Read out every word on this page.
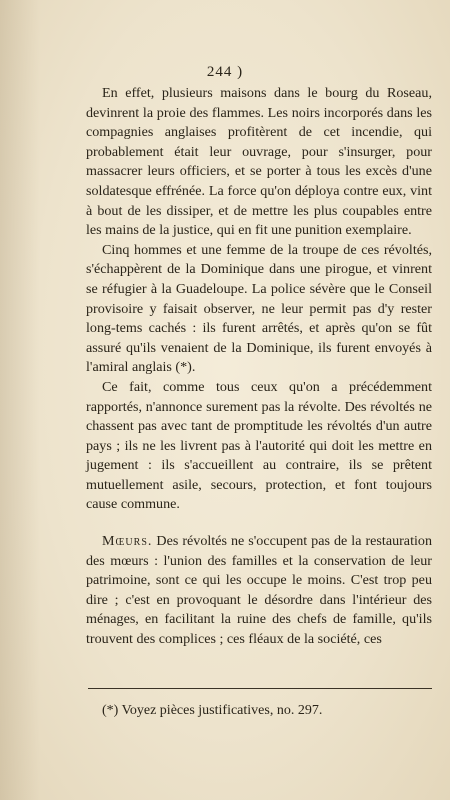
244 )

En effet, plusieurs maisons dans le bourg du Roseau, devinrent la proie des flammes. Les noirs incorporés dans les compagnies anglaises profitèrent de cet incendie, qui probablement était leur ouvrage, pour s'insurger, pour massacrer leurs officiers, et se porter à tous les excès d'une soldatesque effrénée. La force qu'on déploya contre eux, vint à bout de les dissiper, et de mettre les plus coupables entre les mains de la justice, qui en fit une punition exemplaire.

Cinq hommes et une femme de la troupe de ces révoltés, s'échappèrent de la Dominique dans une pirogue, et vinrent se réfugier à la Guadeloupe. La police sévère que le Conseil provisoire y faisait observer, ne leur permit pas d'y rester long-tems cachés : ils furent arrêtés, et après qu'on se fût assuré qu'ils venaient de la Dominique, ils furent envoyés à l'amiral anglais (*).

Ce fait, comme tous ceux qu'on a précédemment rapportés, n'annonce surement pas la révolte. Des révoltés ne chassent pas avec tant de promptitude les révoltés d'un autre pays ; ils ne les livrent pas à l'autorité qui doit les mettre en jugement : ils s'accueillent au contraire, ils se prêtent mutuellement asile, secours, protection, et font toujours cause commune.

Mœurs. Des révoltés ne s'occupent pas de la restauration des mœurs : l'union des familles et la conservation de leur patrimoine, sont ce qui les occupe le moins. C'est trop peu dire ; c'est en provoquant le désordre dans l'intérieur des ménages, en facilitant la ruine des chefs de famille, qu'ils trouvent des complices ; ces fléaux de la société, ces

(*) Voyez pièces justificatives, no. 297.
